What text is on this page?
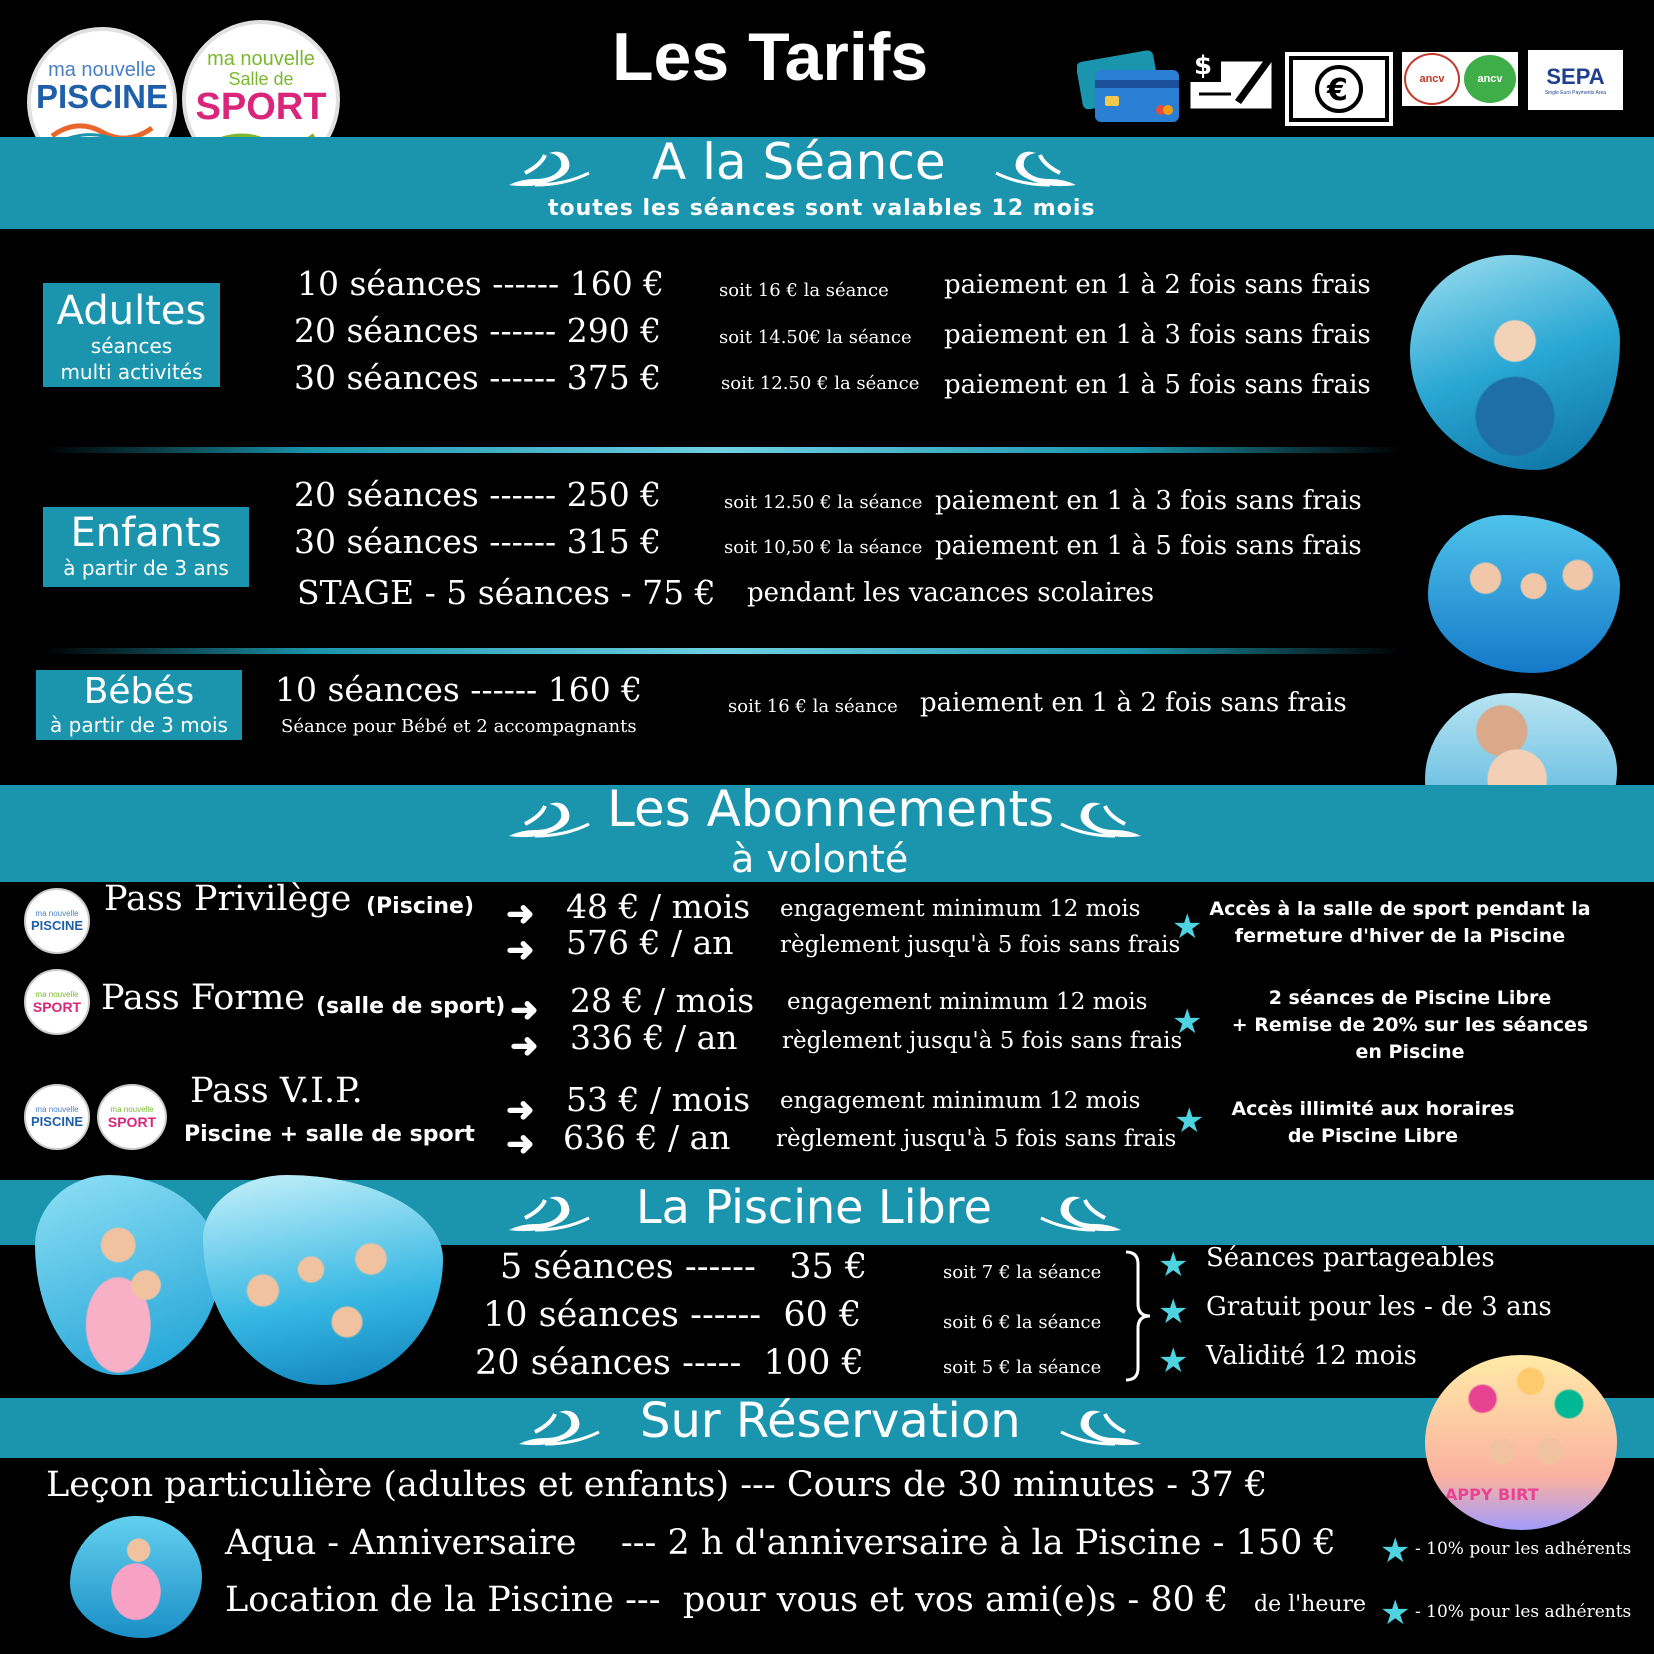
ma nouvelle
PISCINE
ma nouvelle
Salle de
SPORT
Les Tarifs	$
€	ancv	ancv	SEPA
Single Euro Payments Area
A la Séance
toutes les séances sont valables 12 mois
Adultes
séances
multi activités
10 séances ------ 160 €	soit 16 € la séance paiement en 1 à 2 fois sans frais
20 séances ------ 290 €	soit 14.50€ la séance paiement en 1 à 3 fois sans frais
30 séances ------ 375 €	soit 12.50 € la séance paiement en 1 à 5 fois sans frais
Enfants
à partir de 3 ans
20 séances ------ 250 €	soit 12.50 € la séance paiement en 1 à 3 fois sans frais
30 séances ------ 315 €	soit 10,50 € la séance paiement en 1 à 5 fois sans frais
STAGE - 5 séances - 75 € pendant les vacances scolaires
Bébés
à partir de 3 mois
10 séances ------ 160 €
Séance pour Bébé et 2 accompagnants
soit 16 € la séance paiement en 1 à 2 fois sans frais
Les Abonnements
à volonté
ma nouvelle
PISCINE
Pass Privilège (Piscine) ➜
➜
48 € / mois
576 € / an
engagement minimum 12 mois
règlement jusqu'à 5 fois sans frais
★ Accès à la salle de sport pendant la
fermeture d'hiver de la Piscine
ma nouvelle
SPORT Pass Forme (salle de sport) ➜
➜
28 € / mois
336 € / an
engagement minimum 12 mois
règlement jusqu'à 5 fois sans frais
★
2 séances de Piscine Libre
+ Remise de 20% sur les séances
en Piscine
ma nouvelle
PISCINE
ma nouvelle
SPORT
Pass V.I.P.
Piscine + salle de sport
➜
➜
53 € / mois
636 € / an
engagement minimum 12 mois
règlement jusqu'à 5 fois sans frais
★	Accès illimité aux horaires
de Piscine Libre
La Piscine Libre
5 séances ------   35 €	soit 7 € la séance
10 séances ------  60 €	soit 6 € la séance
20 séances -----  100 €	soit 5 € la séance
★ Séances partageables
★ Gratuit pour les - de 3 ans
★ Validité 12 mois
Sur Réservation
APPY BIRT
Leçon particulière (adultes et enfants) --- Cours de 30 minutes - 37 €
Aqua - Anniversaire    --- 2 h d'anniversaire à la Piscine - 150 €
Location de la Piscine ---  pour vous et vos ami(e)s - 80 € de l'heure
★ - 10% pour les adhérents
★ - 10% pour les adhérents
